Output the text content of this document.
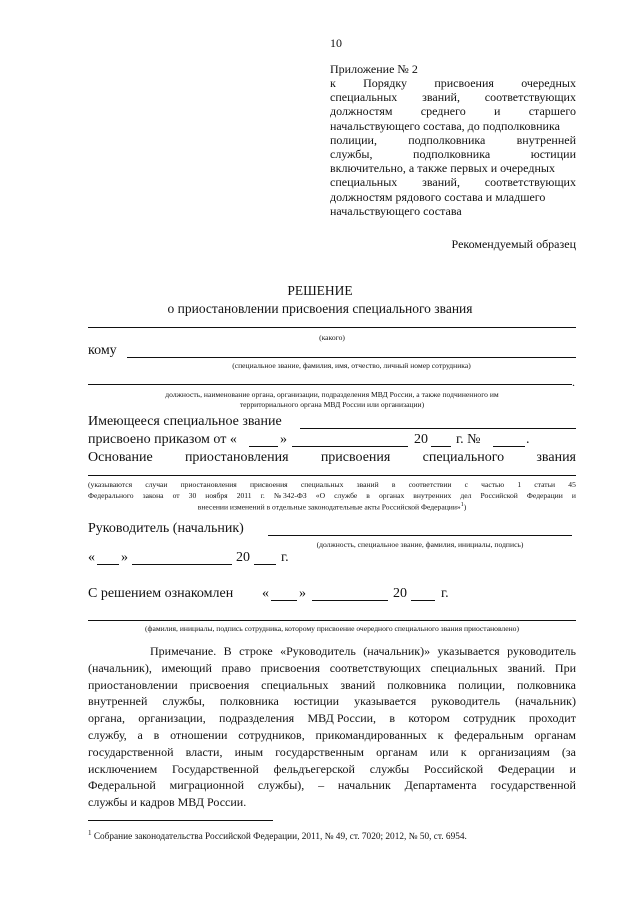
10
Приложение № 2
к Порядку присвоения очередных
специальных званий, соответствующих
должностям среднего и старшего
начальствующего состава, до подполковника
полиции,	подполковника	внутренней
службы,	подполковника	юстиции
включительно, а также первых и очередных
специальных званий, соответствующих
должностям рядового состава и младшего
начальствующего состава
Рекомендуемый образец
РЕШЕНИЕ
о приостановлении присвоения специального звания
(какого)
кому
(специальное звание, фамилия, имя, отчество, личный номер сотрудника)
.
должность, наименование органа, организации, подразделения МВД России, а также подчиненного им
территориального органа МВД России или организации)
Имеющееся специальное звание
присвоено приказом от «	»	20 г. №	.
Основание приостановления присвоения специального звания
(указываются случаи приостановления присвоения специальных званий в соответствии с частью 1 статьи 45
Федерального закона от 30 ноября 2011 г. № 342-ФЗ «О службе в органах внутренних дел Российской Федерации и
внесении изменений в отдельные законодательные акты Российской Федерации»$^1$)
Руководитель (начальник)
(должность, специальное звание, фамилия, инициалы, подпись)
« »	20 г.
С решением ознакомлен « »	20 г.
(фамилия, инициалы, подпись сотрудника, которому присвоение очередного специального звания приостановлено)
Примечание. В строке «Руководитель (начальник)» указывается руководитель
(начальник), имеющий право присвоения соответствующих специальных званий. При
приостановлении присвоения специальных званий полковника полиции, полковника
внутренней службы, полковника юстиции указывается руководитель (начальник)
органа, организации, подразделения МВД России, в котором сотрудник проходит
службу, а в отношении сотрудников, прикомандированных к федеральным органам
государственной власти, иным государственным органам или к организациям (за
исключением Государственной фельдъегерской службы Российской Федерации и
Федеральной миграционной службы), – начальник Департамента государственной
службы и кадров МВД России.
$^1$ Собрание законодательства Российской Федерации, 2011, № 49, ст. 7020; 2012, № 50, ст. 6954.
